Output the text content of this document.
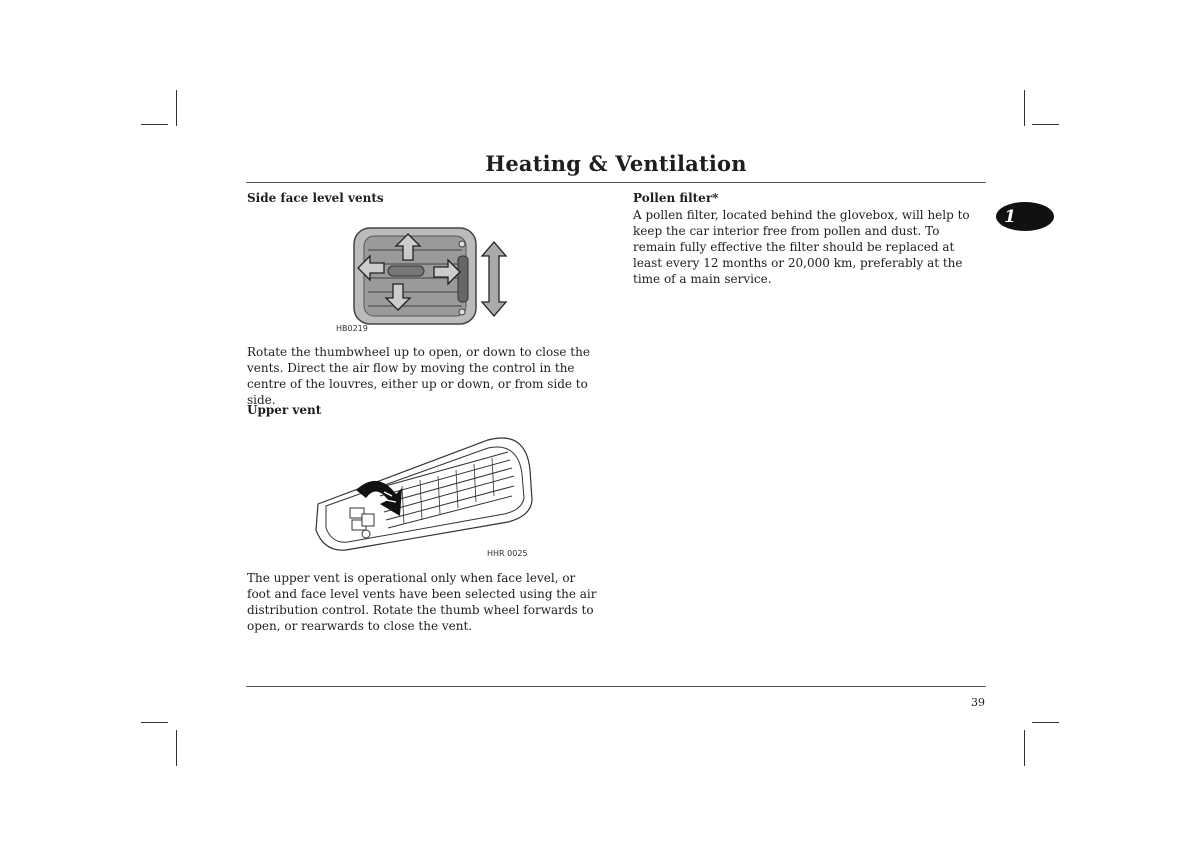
Heating & Ventilation
1
Side face level vents
HB0219

Rotate the thumbwheel up to open, or down to close the vents. Direct the air flow by moving the control in the centre of the louvres, either up or down, or from side to side.

Upper vent
HHR 0025

The upper vent is operational only when face level, or foot and face level vents have been selected using the air distribution control. Rotate the thumb wheel forwards to open, or rearwards to close the vent.

Pollen filter*

A pollen filter, located behind the glovebox, will help to keep the car interior free from pollen and dust. To remain fully effective the filter should be replaced at least every 12 months or 20,000 km, preferably at the time of a main service.

39
